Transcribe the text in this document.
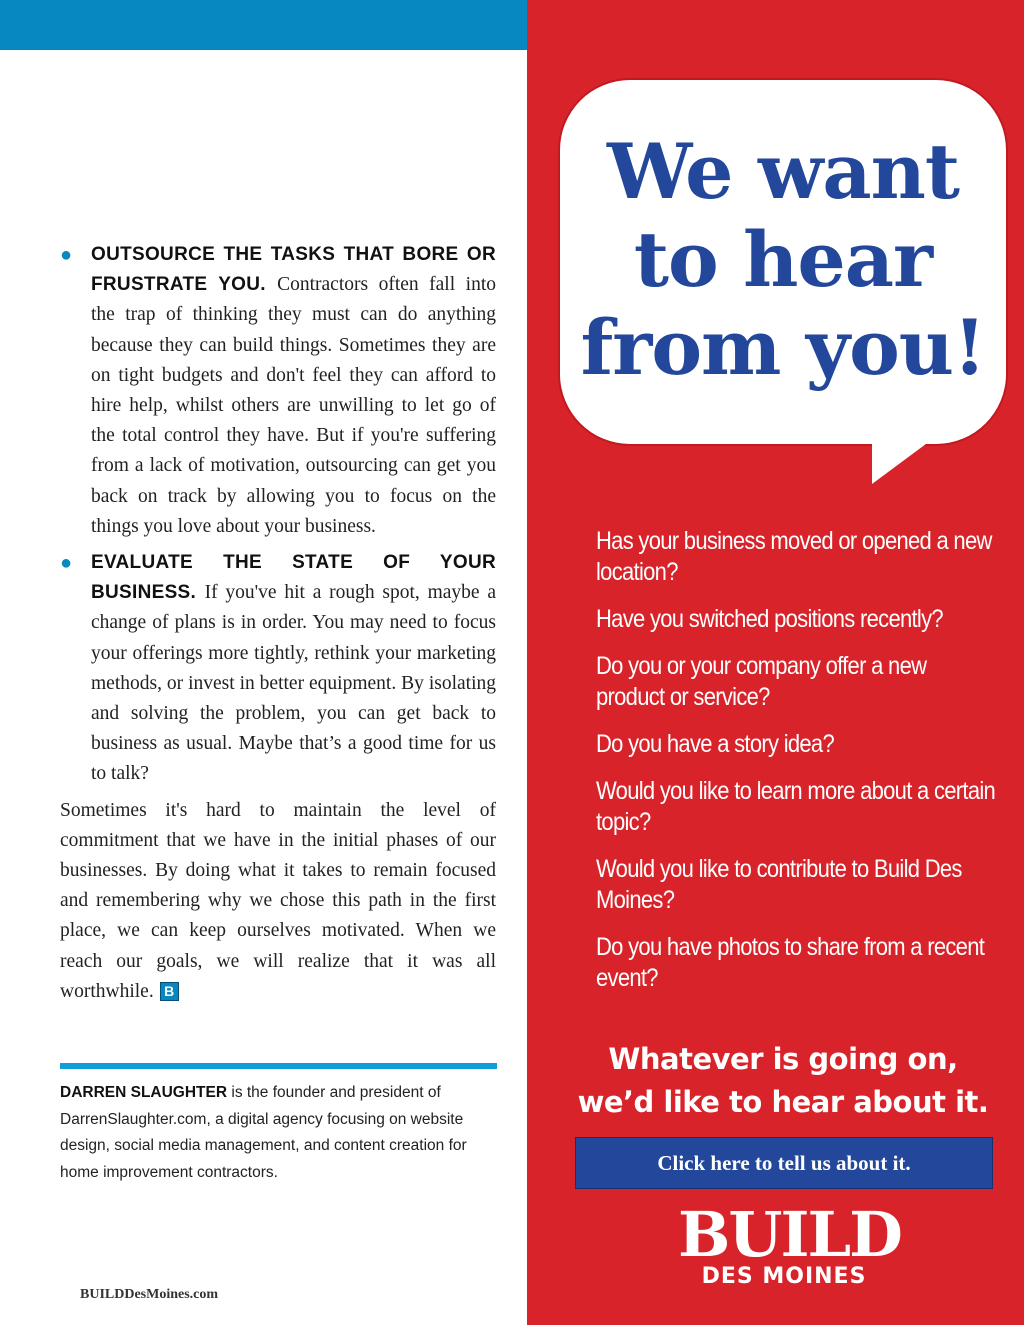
● OUTSOURCE THE TASKS THAT BORE OR FRUSTRATE YOU. Contractors often fall into the trap of thinking they must can do anything because they can build things. Sometimes they are on tight budgets and don't feel they can afford to hire help, whilst others are unwilling to let go of the total control they have. But if you're suffering from a lack of motivation, outsourcing can get you back on track by allowing you to focus on the things you love about your business.
● EVALUATE THE STATE OF YOUR BUSINESS. If you've hit a rough spot, maybe a change of plans is in order. You may need to focus your offerings more tightly, rethink your marketing methods, or invest in better equipment. By isolating and solving the problem, you can get back to business as usual. Maybe that’s a good time for us to talk?

Sometimes it's hard to maintain the level of commitment that we have in the initial phases of our businesses. By doing what it takes to remain focused and remembering why we chose this path in the first place, we can keep ourselves motivated. When we reach our goals, we will realize that it was all worthwhile. B

DARREN SLAUGHTER is the founder and president of DarrenSlaughter.com, a digital agency focusing on website design, social media management, and content creation for home improvement contractors.

BUILDDesMoines.com
We want
to hear
from you!
Has your business moved or opened a new location?
Have you switched positions recently?
Do you or your company offer a new product or service?
Do you have a story idea?
Would you like to learn more about a certain topic?
Would you like to contribute to Build Des Moines?
Do you have photos to share from a recent event?

Whatever is going on,
we’d like to hear about it.

Click here to tell us about it.
BUILD
DES MOINES
